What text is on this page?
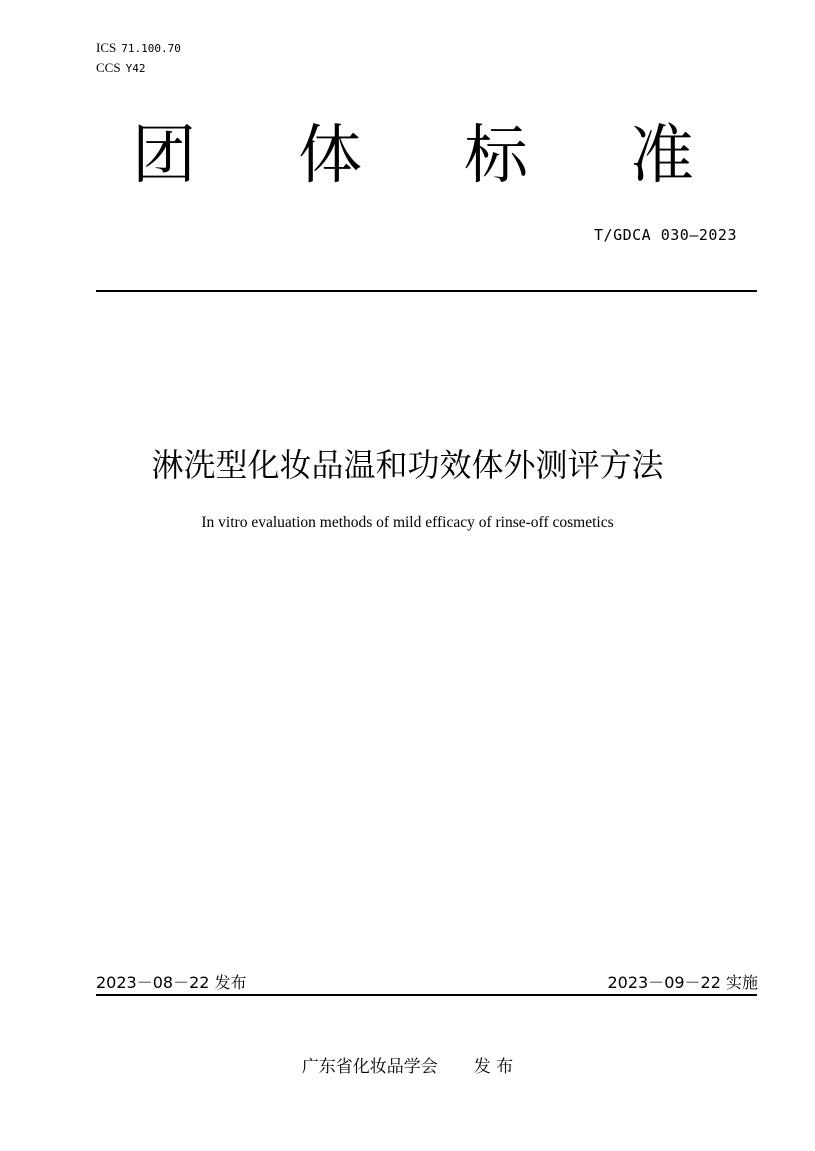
ICS 71.100.70
CCS Y42
团 体 标 准
T/GDCA 030—2023
淋洗型化妆品温和功效体外测评方法
In vitro evaluation methods of mild efficacy of rinse-off cosmetics
2023－08－22 发布	2023－09－22 实施
广东省化妆品学会 发 布
